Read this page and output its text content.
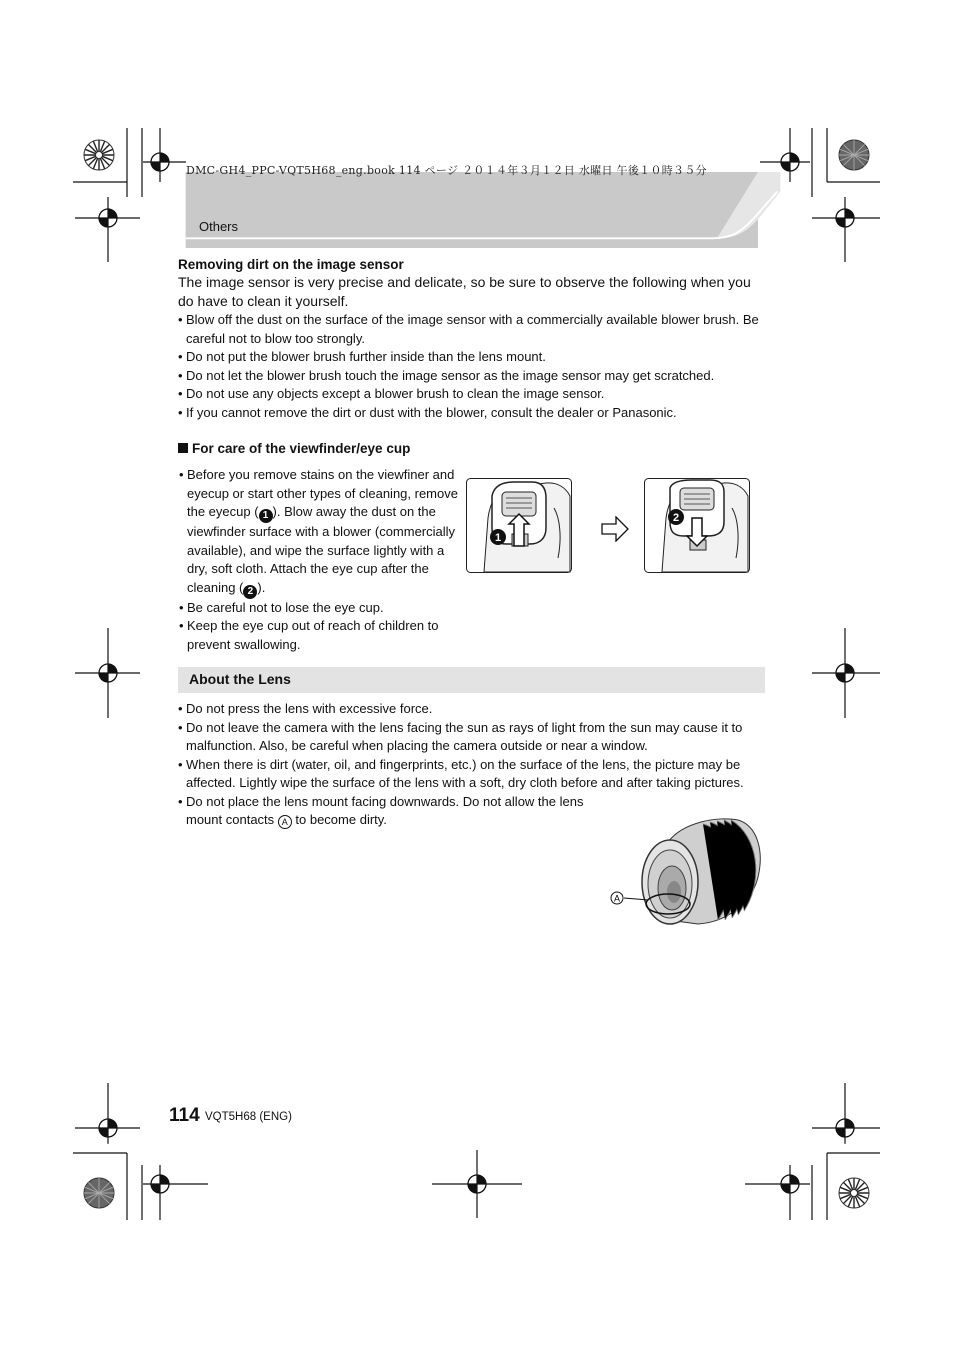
DMC-GH4_PPC-VQT5H68_eng.book 114 ページ ２０１４年３月１２日 水曜日 午後１０時３５分
Others
Removing dirt on the image sensor
The image sensor is very precise and delicate, so be sure to observe the following when you do have to clean it yourself.
• Blow off the dust on the surface of the image sensor with a commercially available blower brush. Be careful not to blow too strongly.
• Do not put the blower brush further inside than the lens mount.
• Do not let the blower brush touch the image sensor as the image sensor may get scratched.
• Do not use any objects except a blower brush to clean the image sensor.
• If you cannot remove the dirt or dust with the blower, consult the dealer or Panasonic.
For care of the viewfinder/eye cup
• Before you remove stains on the viewfiner and eyecup or start other types of cleaning, remove the eyecup ( 1 ). Blow away the dust on the viewfinder surface with a blower (commercially available), and wipe the surface lightly with a dry, soft cloth. Attach the eye cup after the cleaning ( 2 ).
• Be careful not to lose the eye cup.
• Keep the eye cup out of reach of children to prevent swallowing.
1
2
About the Lens
• Do not press the lens with excessive force.
• Do not leave the camera with the lens facing the sun as rays of light from the sun may cause it to malfunction. Also, be careful when placing the camera outside or near a window.
• When there is dirt (water, oil, and fingerprints, etc.) on the surface of the lens, the picture may be affected. Lightly wipe the surface of the lens with a soft, dry cloth before and after taking pictures.
• Do not place the lens mount facing downwards. Do not allow the lens mount contacts A to become dirty.
A
114 VQT5H68 (ENG)
